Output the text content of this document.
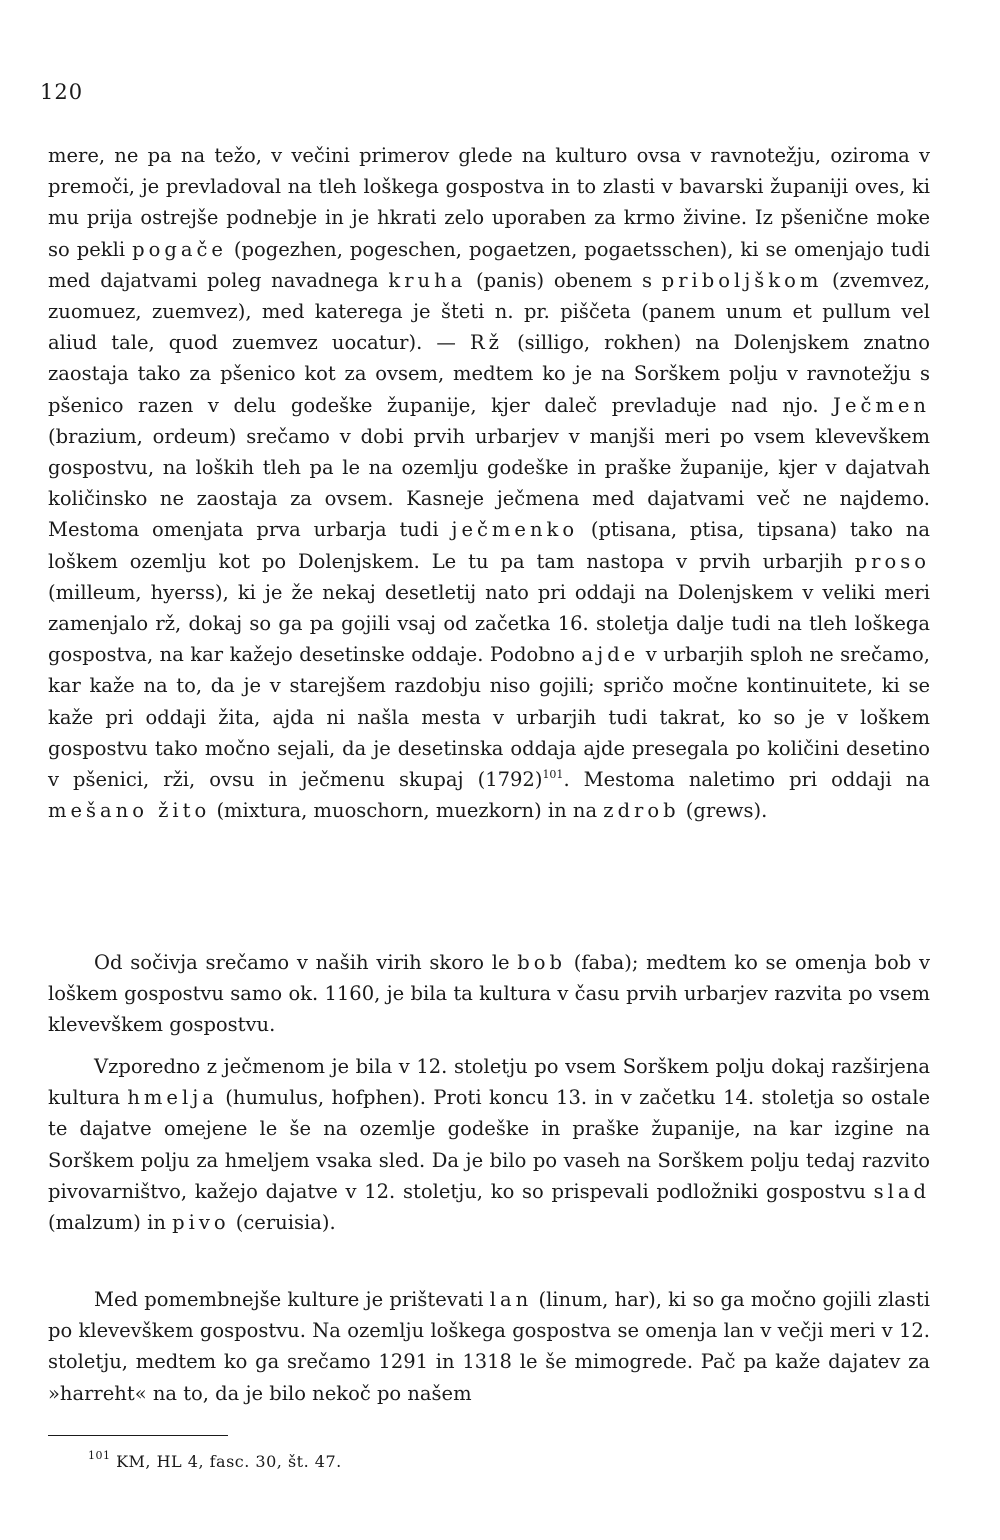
120

mere, ne pa na težo, v večini primerov glede na kulturo ovsa v ravnotežju, oziroma v premoči, je prevladoval na tleh loškega gospostva in to zlasti v bavarski županiji oves, ki mu prija ostrejše podnebje in je hkrati zelo uporaben za krmo živine. Iz pšenične moke so pekli pogače (pogezhen, pogeschen, pogaetzen, pogaetsschen), ki se omenjajo tudi med dajatvami poleg navadnega kruha (panis) obenem s priboljškom (zvemvez, zuomuez, zuemvez), med katerega je šteti n. pr. piščeta (panem unum et pullum vel aliud tale, quod zuemvez uocatur). — Rž (silligo, rokhen) na Dolenjskem znatno zaostaja tako za pšenico kot za ovsem, medtem ko je na Sorškem polju v ravnotežju s pšenico razen v delu godeške županije, kjer daleč prevladuje nad njo. Ječmen (brazium, ordeum) srečamo v dobi prvih urbarjev v manjši meri po vsem klevevškem gospostvu, na loških tleh pa le na ozemlju godeške in praške županije, kjer v dajatvah količinsko ne zaostaja za ovsem. Kasneje ječmena med dajatvami več ne najdemo. Mestoma omenjata prva urbarja tudi ječmenko (ptisana, ptisa, tipsana) tako na loškem ozemlju kot po Dolenjskem. Le tu pa tam nastopa v prvih urbarjih proso (milleum, hyerss), ki je že nekaj desetletij nato pri oddaji na Dolenjskem v veliki meri zamenjalo rž, dokaj so ga pa gojili vsaj od začetka 16. stoletja dalje tudi na tleh loškega gospostva, na kar kažejo desetinske oddaje. Podobno ajde v urbarjih sploh ne srečamo, kar kaže na to, da je v starejšem razdobju niso gojili; spričo močne kontinuitete, ki se kaže pri oddaji žita, ajda ni našla mesta v urbarjih tudi takrat, ko so je v loškem gospostvu tako močno sejali, da je desetinska oddaja ajde presegala po količini desetino v pšenici, rži, ovsu in ječmenu skupaj $(1792)^{101}$. Mestoma naletimo pri oddaji na mešano žito (mixtura, muoschorn, muezkorn) in na zdrob (grews).

Od sočivja srečamo v naših virih skoro le bob (faba); medtem ko se omenja bob v loškem gospostvu samo ok. 1160, je bila ta kultura v času prvih urbarjev razvita po vsem klevevškem gospostvu.

Vzporedno z ječmenom je bila v 12. stoletju po vsem Sorškem polju dokaj razširjena kultura hmelja (humulus, hofphen). Proti koncu 13. in v začetku 14. stoletja so ostale te dajatve omejene le še na ozemlje godeške in praške županije, na kar izgine na Sorškem polju za hmeljem vsaka sled. Da je bilo po vaseh na Sorškem polju tedaj razvito pivovarništvo, kažejo dajatve v 12. stoletju, ko so prispevali podložniki gospostvu slad (malzum) in pivo (ceruisia).

Med pomembnejše kulture je prištevati lan (linum, har), ki so ga močno gojili zlasti po klevevškem gospostvu. Na ozemlju loškega gospostva se omenja lan v večji meri v 12. stoletju, medtem ko ga srečamo 1291 in 1318 le še mimogrede. Pač pa kaže dajatev za »harreht« na to, da je bilo nekoč po našem

$^{101}$ KM, HL 4, fasc. 30, št. 47.
